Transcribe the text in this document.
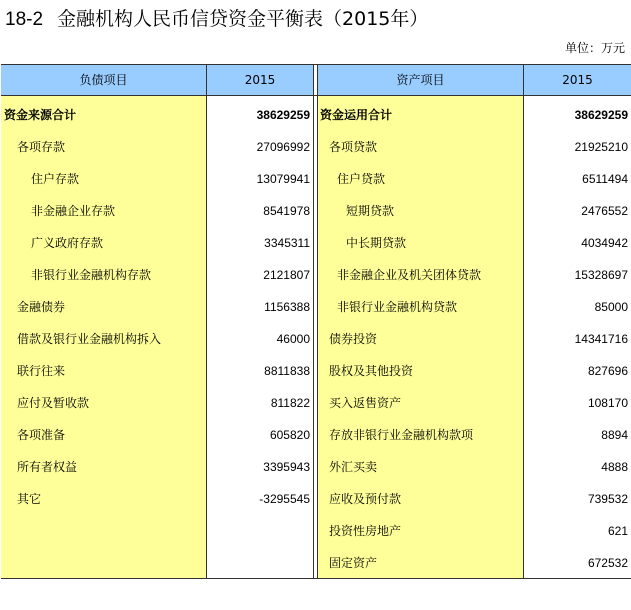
18-2 金融机构人民币信贷资金平衡表（2015年）
单位：万元
负债项目
资金来源合计
各项存款
住户存款
非金融企业存款
广义政府存款
非银行业金融机构存款
金融债券
借款及银行业金融机构拆入
联行往来
应付及暂收款
各项准备
所有者权益
其它
2015
38629259
27096992
13079941
8541978
3345311
2121807
1156388
46000
8811838
811822
605820
3395943
-3295545
资产项目
资金运用合计
各项贷款
住户贷款
短期贷款
中长期贷款
非金融企业及机关团体贷款
非银行业金融机构贷款
债券投资
股权及其他投资
买入返售资产
存放非银行业金融机构款项
外汇买卖
应收及预付款
投资性房地产
固定资产
2015
38629259
21925210
6511494
2476552
4034942
15328697
85000
14341716
827696
108170
8894
4888
739532
621
672532
